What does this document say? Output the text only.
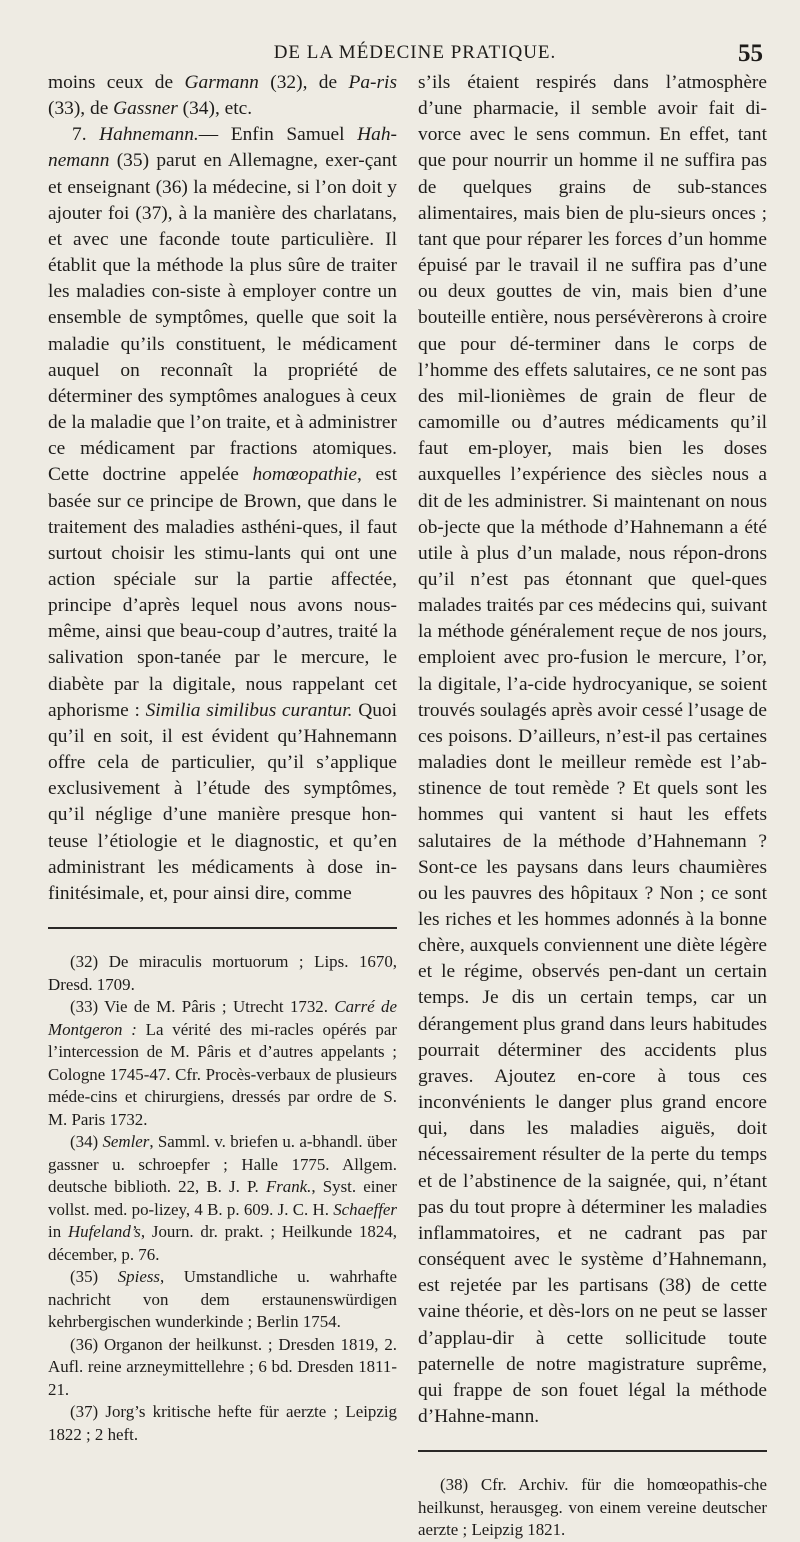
DE LA MÉDECINE PRATIQUE.	55

moins ceux de Garmann (32), de Pa-ris (33), de Gassner (34), etc.

7. Hahnemann.— Enfin Samuel Hah-nemann (35) parut en Allemagne, exer-çant et enseignant (36) la médecine, si l’on doit y ajouter foi (37), à la manière des charlatans, et avec une faconde toute particulière. Il établit que la méthode la plus sûre de traiter les maladies con-siste à employer contre un ensemble de symptômes, quelle que soit la maladie qu’ils constituent, le médicament auquel on reconnaît la propriété de déterminer des symptômes analogues à ceux de la maladie que l’on traite, et à administrer ce médicament par fractions atomiques. Cette doctrine appelée homœopathie, est basée sur ce principe de Brown, que dans le traitement des maladies asthéni-ques, il faut surtout choisir les stimu-lants qui ont une action spéciale sur la partie affectée, principe d’après lequel nous avons nous-même, ainsi que beau-coup d’autres, traité la salivation spon-tanée par le mercure, le diabète par la digitale, nous rappelant cet aphorisme : Similia similibus curantur. Quoi qu’il en soit, il est évident qu’Hahnemann offre cela de particulier, qu’il s’applique exclusivement à l’étude des symptômes, qu’il néglige d’une manière presque hon-teuse l’étiologie et le diagnostic, et qu’en administrant les médicaments à dose in-finitésimale, et, pour ainsi dire, comme

(32) De miraculis mortuorum ; Lips. 1670, Dresd. 1709.

(33) Vie de M. Pâris ; Utrecht 1732. Carré de Montgeron : La vérité des mi-racles opérés par l’intercession de M. Pâris et d’autres appelants ; Cologne 1745-47. Cfr. Procès-verbaux de plusieurs méde-cins et chirurgiens, dressés par ordre de S. M. Paris 1732.

(34) Semler, Samml. v. briefen u. a-bhandl. über gassner u. schroepfer ; Halle 1775. Allgem. deutsche biblioth. 22, B. J. P. Frank., Syst. einer vollst. med. po-lizey, 4 B. p. 609. J. C. H. Schaeffer in Hufeland’s, Journ. dr. prakt. ; Heilkunde 1824, décember, p. 76.

(35) Spiess, Umstandliche u. wahrhafte nachricht von dem erstaunenswürdigen kehrbergischen wunderkinde ; Berlin 1754.

(36) Organon der heilkunst. ; Dresden 1819, 2. Aufl. reine arzneymittellehre ; 6 bd. Dresden 1811-21.

(37) Jorg’s kritische hefte für aerzte ; Leipzig 1822 ; 2 heft.

s’ils étaient respirés dans l’atmosphère d’une pharmacie, il semble avoir fait di-vorce avec le sens commun. En effet, tant que pour nourrir un homme il ne suffira pas de quelques grains de sub-stances alimentaires, mais bien de plu-sieurs onces ; tant que pour réparer les forces d’un homme épuisé par le travail il ne suffira pas d’une ou deux gouttes de vin, mais bien d’une bouteille entière, nous persévèrerons à croire que pour dé-terminer dans le corps de l’homme des effets salutaires, ce ne sont pas des mil-lionièmes de grain de fleur de camomille ou d’autres médicaments qu’il faut em-ployer, mais bien les doses auxquelles l’expérience des siècles nous a dit de les administrer. Si maintenant on nous ob-jecte que la méthode d’Hahnemann a été utile à plus d’un malade, nous répon-drons qu’il n’est pas étonnant que quel-ques malades traités par ces médecins qui, suivant la méthode généralement reçue de nos jours, emploient avec pro-fusion le mercure, l’or, la digitale, l’a-cide hydrocyanique, se soient trouvés soulagés après avoir cessé l’usage de ces poisons. D’ailleurs, n’est-il pas certaines maladies dont le meilleur remède est l’ab-stinence de tout remède ? Et quels sont les hommes qui vantent si haut les effets salutaires de la méthode d’Hahnemann ? Sont-ce les paysans dans leurs chaumières ou les pauvres des hôpitaux ? Non ; ce sont les riches et les hommes adonnés à la bonne chère, auxquels conviennent une diète légère et le régime, observés pen-dant un certain temps. Je dis un certain temps, car un dérangement plus grand dans leurs habitudes pourrait déterminer des accidents plus graves. Ajoutez en-core à tous ces inconvénients le danger plus grand encore qui, dans les maladies aiguës, doit nécessairement résulter de la perte du temps et de l’abstinence de la saignée, qui, n’étant pas du tout propre à déterminer les maladies inflammatoires, et ne cadrant pas par conséquent avec le système d’Hahnemann, est rejetée par les partisans (38) de cette vaine théorie, et dès-lors on ne peut se lasser d’applau-dir à cette sollicitude toute paternelle de notre magistrature suprême, qui frappe de son fouet légal la méthode d’Hahne-mann.

(38) Cfr. Archiv. für die homœopathis-che heilkunst, herausgeg. von einem vereine deutscher aerzte ; Leipzig 1821.
